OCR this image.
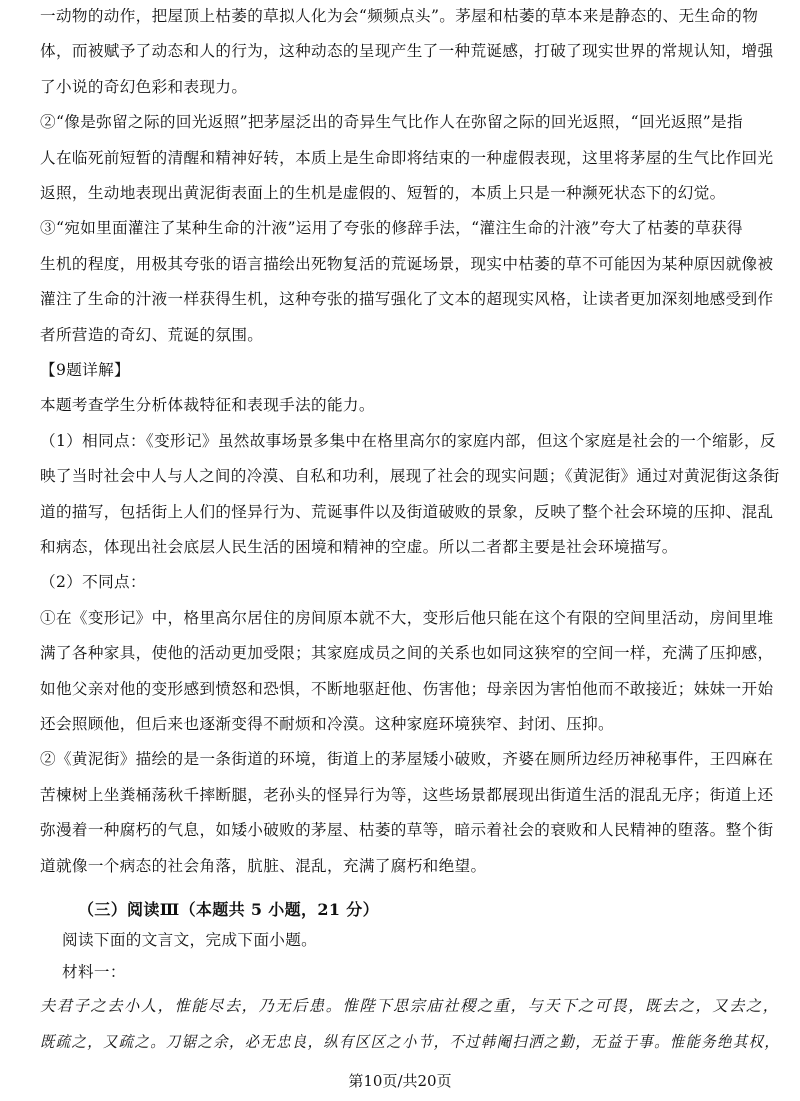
一动物的动作，把屋顶上枯萎的草拟人化为会“频频点头”。茅屋和枯萎的草本来是静态的、无生命的物
体，而被赋予了动态和人的行为，这种动态的呈现产生了一种荒诞感，打破了现实世界的常规认知，增强
了小说的奇幻色彩和表现力。
②“像是弥留之际的回光返照”把茅屋泛出的奇异生气比作人在弥留之际的回光返照，“回光返照”是指
人在临死前短暂的清醒和精神好转，本质上是生命即将结束的一种虚假表现，这里将茅屋的生气比作回光
返照，生动地表现出黄泥街表面上的生机是虚假的、短暂的，本质上只是一种濒死状态下的幻觉。
③“宛如里面灌注了某种生命的汁液”运用了夸张的修辞手法，“灌注生命的汁液”夸大了枯萎的草获得
生机的程度，用极其夸张的语言描绘出死物复活的荒诞场景，现实中枯萎的草不可能因为某种原因就像被
灌注了生命的汁液一样获得生机，这种夸张的描写强化了文本的超现实风格，让读者更加深刻地感受到作
者所营造的奇幻、荒诞的氛围。
【9题详解】
本题考查学生分析体裁特征和表现手法的能力。
（1）相同点：《变形记》虽然故事场景多集中在格里高尔的家庭内部，但这个家庭是社会的一个缩影，反
映了当时社会中人与人之间的冷漠、自私和功利，展现了社会的现实问题；《黄泥街》通过对黄泥街这条街
道的描写，包括街上人们的怪异行为、荒诞事件以及街道破败的景象，反映了整个社会环境的压抑、混乱
和病态，体现出社会底层人民生活的困境和精神的空虚。所以二者都主要是社会环境描写。
（2）不同点：
①在《变形记》中，格里高尔居住的房间原本就不大，变形后他只能在这个有限的空间里活动，房间里堆
满了各种家具，使他的活动更加受限；其家庭成员之间的关系也如同这狭窄的空间一样，充满了压抑感，
如他父亲对他的变形感到愤怒和恐惧，不断地驱赶他、伤害他；母亲因为害怕他而不敢接近；妹妹一开始
还会照顾他，但后来也逐渐变得不耐烦和冷漠。这种家庭环境狭窄、封闭、压抑。
②《黄泥街》描绘的是一条街道的环境，街道上的茅屋矮小破败，齐婆在厕所边经历神秘事件，王四麻在
苦楝树上坐粪桶荡秋千摔断腿，老孙头的怪异行为等，这些场景都展现出街道生活的混乱无序；街道上还
弥漫着一种腐朽的气息，如矮小破败的茅屋、枯萎的草等，暗示着社会的衰败和人民精神的堕落。整个街
道就像一个病态的社会角落，肮脏、混乱，充满了腐朽和绝望。
（三）阅读Ⅲ（本题共 5 小题，21 分）
阅读下面的文言文，完成下面小题。
材料一：
夫君子之去小人，惟能尽去，乃无后患。惟陛下思宗庙社稷之重，与天下之可畏，既去之，又去之，
既疏之，又疏之。刀锯之余，必无忠良，纵有区区之小节，不过韩阉扫洒之勤，无益于事。惟能务绝其权，
第10页/共20页
